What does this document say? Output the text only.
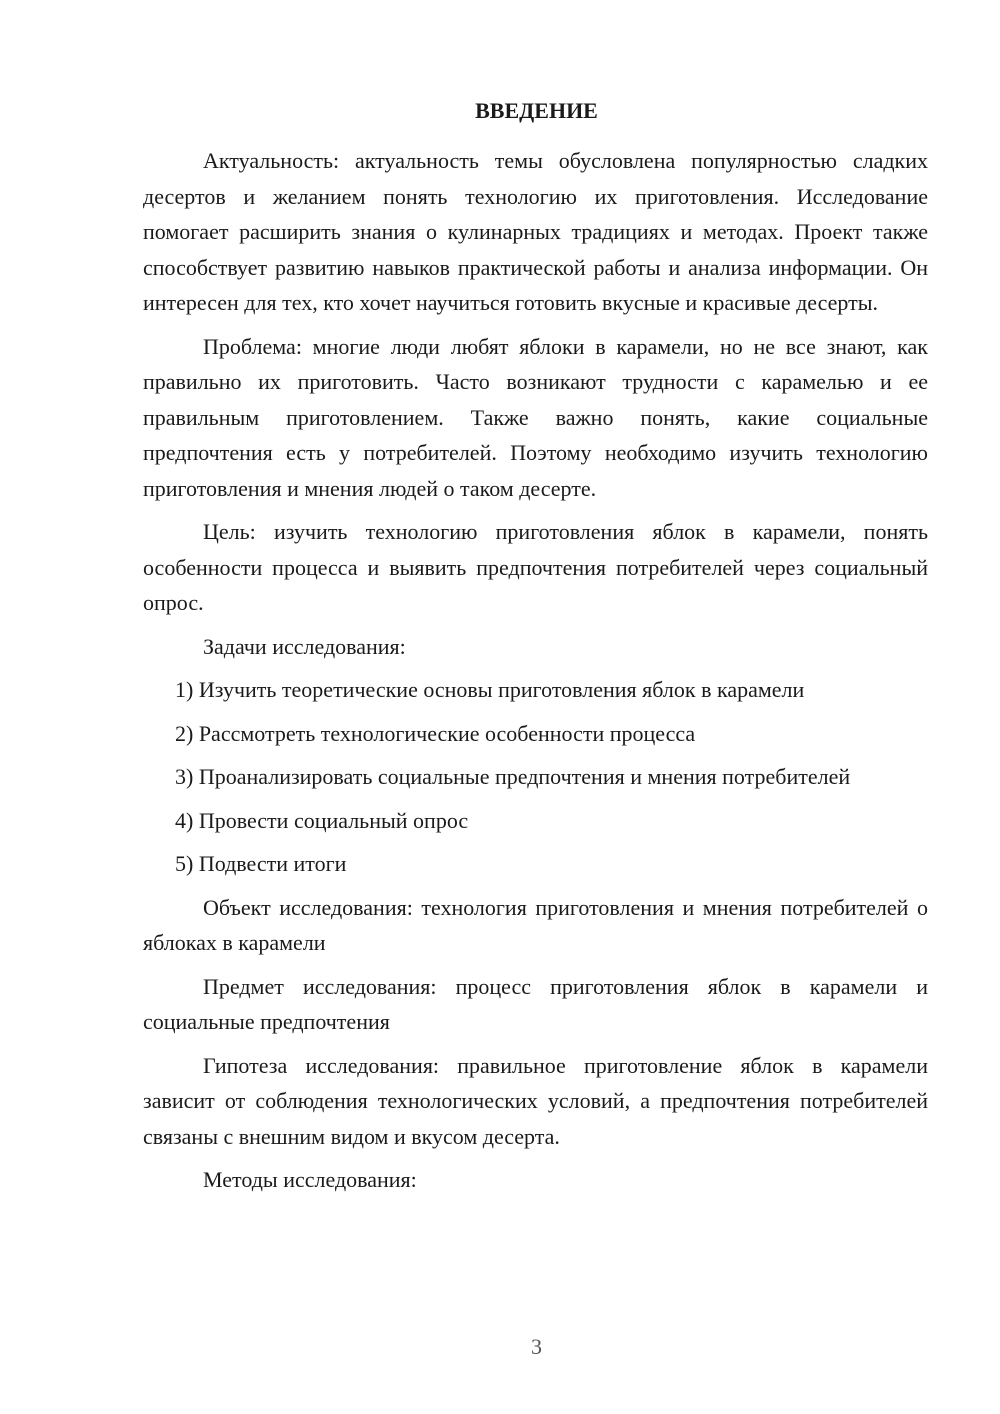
ВВЕДЕНИЕ

Актуальность: актуальность темы обусловлена популярностью сладких десертов и желанием понять технологию их приготовления. Исследование помогает расширить знания о кулинарных традициях и методах. Проект также способствует развитию навыков практической работы и анализа информации. Он интересен для тех, кто хочет научиться готовить вкусные и красивые десерты.

Проблема: многие люди любят яблоки в карамели, но не все знают, как правильно их приготовить. Часто возникают трудности с карамелью и ее правильным приготовлением. Также важно понять, какие социальные предпочтения есть у потребителей. Поэтому необходимо изучить технологию приготовления и мнения людей о таком десерте.

Цель: изучить технологию приготовления яблок в карамели, понять особенности процесса и выявить предпочтения потребителей через социальный опрос.

Задачи исследования:

1) Изучить теоретические основы приготовления яблок в карамели

2) Рассмотреть технологические особенности процесса

3) Проанализировать социальные предпочтения и мнения потребителей

4) Провести социальный опрос

5) Подвести итоги

Объект исследования: технология приготовления и мнения потребителей о яблоках в карамели

Предмет исследования: процесс приготовления яблок в карамели и социальные предпочтения

Гипотеза исследования: правильное приготовление яблок в карамели зависит от соблюдения технологических условий, а предпочтения потребителей связаны с внешним видом и вкусом десерта.

Методы исследования:

3
